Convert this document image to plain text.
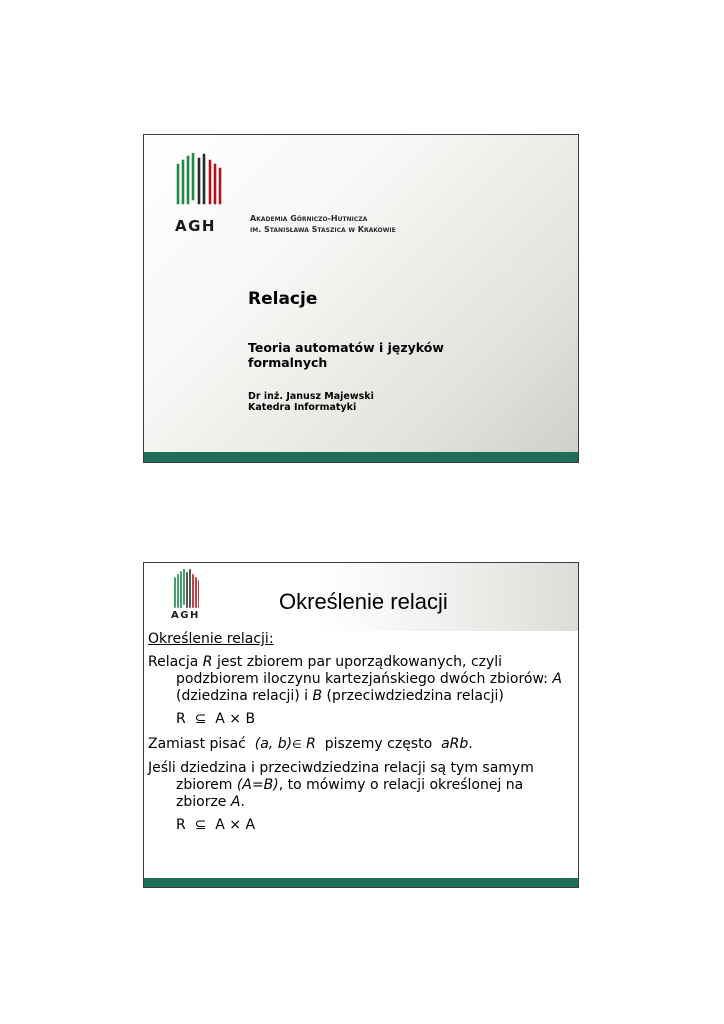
AGH	Akademia Górniczo-Hutnicza
im. Stanisława Staszica w Krakowie
Relacje
Teoria automatów i języków
formalnych
Dr inż. Janusz Majewski
Katedra Informatyki
AGH
Określenie relacji

Określenie relacji:

Relacja R jest zbiorem par uporządkowanych, czyli podzbiorem iloczynu kartezjańskiego dwóch zbiorów: A (dziedzina relacji) i B (przeciwdziedzina relacji)

R  ⊆  A × B

Zamiast pisać  (a, b)∈ R  piszemy często  aRb.

Jeśli dziedzina i przeciwdziedzina relacji są tym samym zbiorem (A=B), to mówimy o relacji określonej na zbiorze A.

R  ⊆  A × A
